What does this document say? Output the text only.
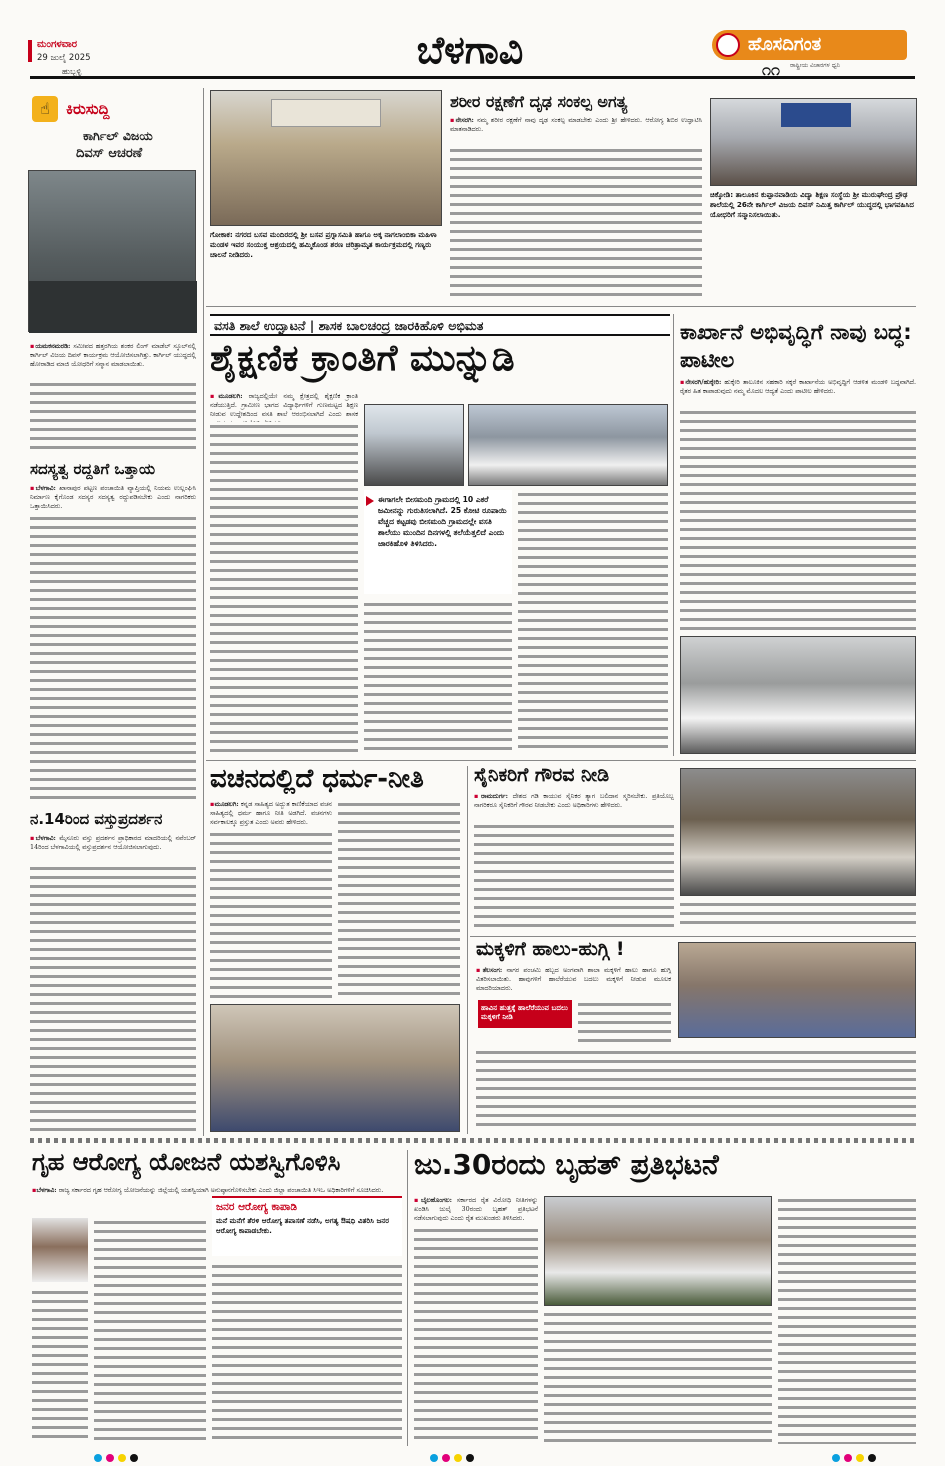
ಮಂಗಳವಾರ
29 ಜುಲೈ 2025
ಹುಬ್ಬಳ್ಳಿ	ಬೆಳಗಾವಿ	ಹೊಸದಿಗಂತ
ರಾಷ್ಟ್ರೀಯ ವಿಚಾರಗಳ ಧ್ವನಿ
೧೧
☝	ಕಿರುಸುದ್ದಿ
ಕಾರ್ಗಿಲ್ ವಿಜಯ
ದಿವಸ್ ಆಚರಣೆ
▪ಯಮಕನಮರಡಿ: ಸಮೀಪದ ಹತ್ತರಗಿಯ ಶಂಕರ ಲಿಂಗ್ ಮಾಡೆಲ್ ಸ್ಕೂಲ್‌ನಲ್ಲಿ ಕಾರ್ಗಿಲ್ ವಿಜಯ ದಿವಸ್ ಕಾರ್ಯಕ್ರಮ ಆಯೋಜಿಸಲಾಗಿತ್ತು. ಕಾರ್ಗಿಲ್ ಯುದ್ಧದಲ್ಲಿ ಹೋರಾಡಿದ ಮಾಜಿ ಯೋಧರಿಗೆ ಸನ್ಮಾನ ಮಾಡಲಾಯಿತು.
ಸದಸ್ಯತ್ವ ರದ್ದತಿಗೆ ಒತ್ತಾಯ
▪ಬೆಳಗಾವಿ: ಖಾನಾಪುರ ಪಟ್ಟಣ ಪಂಚಾಯಿತಿ ವ್ಯಾಪ್ತಿಯಲ್ಲಿ ನಿಯಮ ಉಲ್ಲಂಘಿಸಿ ನಿರ್ಮಾಣ ಕೈಗೊಂಡ ಸದಸ್ಯರ ಸದಸ್ಯತ್ವ ರದ್ದುಪಡಿಸಬೇಕು ಎಂದು ನಾಗರಿಕರು ಒತ್ತಾಯಿಸಿದರು.
ನ.14ರಿಂದ ವಸ್ತುಪ್ರದರ್ಶನ
▪ಬೆಳಗಾವಿ: ಮೈಸೂರು ವಸ್ತು ಪ್ರದರ್ಶನ ಪ್ರಾಧಿಕಾರದ ಮಾದರಿಯಲ್ಲಿ ನವೆಂಬರ್ 14ರಿಂದ ಬೆಳಗಾವಿಯಲ್ಲಿ ವಸ್ತುಪ್ರದರ್ಶನ ಆಯೋಜಿಸಲಾಗುವುದು.
ಗೋಕಾಕ: ನಗರದ ಬಸವ ಮಂದಿರದಲ್ಲಿ ಶ್ರೀ ಬಸವ ಪ್ರಗ್ನಾಸಮಿತಿ ಹಾಗೂ ಅಕ್ಕ ನಾಗಲಾಂಬಿಕಾ ಮಹಿಳಾ ಮಂಡಳ ಇವರ ಸಂಯುಕ್ತ ಆಶ್ರಯದಲ್ಲಿ ಹಮ್ಮಿಕೊಂಡ ಶರಣ ಚರಿತ್ರಾಮೃತ ಕಾರ್ಯಕ್ರಮದಲ್ಲಿ ಗಣ್ಯರು ಚಾಲನೆ ನೀಡಿದರು.
ಶರೀರ ರಕ್ಷಣೆಗೆ ದೃಢ ಸಂಕಲ್ಪ ಅಗತ್ಯ
▪ನೇಸರಗಿ: ನಮ್ಮ ಶರೀರ ರಕ್ಷಣೆಗೆ ನಾವು ದೃಢ ಸಂಕಲ್ಪ ಮಾಡಬೇಕು ಎಂದು ಶ್ರೀ ಹೇಳಿದರು. ಆರೋಗ್ಯ ಶಿಬಿರ ಉದ್ಘಾಟಿಸಿ ಮಾತನಾಡಿದರು.
ಚಿಕ್ಕೋಡಿ: ತಾಲೂಕಿನ ಕುಪ್ಪಾನವಾಡಿಯ ವಿದ್ಯಾ ಶಿಕ್ಷಣ ಸಂಸ್ಥೆಯ ಶ್ರೀ ಮುರುಘೇಂದ್ರ ಪ್ರೌಢ ಶಾಲೆಯಲ್ಲಿ 26ನೇ ಕಾರ್ಗಿಲ್ ವಿಜಯ ದಿವಸ್ ನಿಮಿತ್ತ ಕಾರ್ಗಿಲ್ ಯುದ್ಧದಲ್ಲಿ ಭಾಗವಹಿಸಿದ ಯೋಧರಿಗೆ ಸನ್ಮಾನಿಸಲಾಯಿತು.
ವಸತಿ ಶಾಲೆ ಉದ್ಘಾಟನೆ | ಶಾಸಕ ಬಾಲಚಂದ್ರ ಜಾರಕಿಹೊಳಿ ಅಭಿಮತ
ಶೈಕ್ಷಣಿಕ ಕ್ರಾಂತಿಗೆ ಮುನ್ನುಡಿ
▪ಮೂಡಲಗಿ: ರಾಜ್ಯದಲ್ಲಿಯೇ ನಮ್ಮ ಕ್ಷೇತ್ರದಲ್ಲಿ ಶೈಕ್ಷಣಿಕ ಕ್ರಾಂತಿ ನಡೆಯುತ್ತಿದೆ. ಗ್ರಾಮೀಣ ಭಾಗದ ವಿದ್ಯಾರ್ಥಿಗಳಿಗೆ ಗುಣಮಟ್ಟದ ಶಿಕ್ಷಣ ನೀಡುವ ಉದ್ದೇಶದಿಂದ ವಸತಿ ಶಾಲೆ ಆರಂಭಿಸಲಾಗಿದೆ ಎಂದು ಶಾಸಕ
ಈಗಾಗಲೇ ಬೀಸಮಂದಿ ಗ್ರಾಮದಲ್ಲಿ 10 ಎಕರೆ ಜಮೀನನ್ನು ಗುರುತಿಸಲಾಗಿದೆ. 25 ಕೋಟಿ ರೂಪಾಯಿ ವೆಚ್ಚದ ಕಟ್ಟಡವು ಬೀಸಮಂದಿ ಗ್ರಾಮದಲ್ಲೇ ವಸತಿ ಶಾಲೆಯು ಮುಂದಿನ ದಿನಗಳಲ್ಲಿ ತಲೆಯೆತ್ತಲಿದೆ ಎಂದು ಜಾರಕಿಹೊಳಿ ತಿಳಿಸಿದರು.
ಕಾರ್ಖಾನೆ ಅಭಿವೃದ್ಧಿಗೆ ನಾವು ಬದ್ಧ: ಪಾಟೀಲ
▪ನೇಸರಗಿ/ಹುಕ್ಕೇರಿ: ಹುಕ್ಕೇರಿ ತಾಲೂಕಿನ ಸಹಕಾರಿ ಸಕ್ಕರೆ ಕಾರ್ಖಾನೆಯ ಅಭಿವೃದ್ಧಿಗೆ ಆಡಳಿತ ಮಂಡಳಿ ಬದ್ಧವಾಗಿದೆ. ರೈತರ ಹಿತ ಕಾಪಾಡುವುದು ನಮ್ಮ ಮೊದಲ ಆದ್ಯತೆ ಎಂದು ಪಾಟೀಲ ಹೇಳಿದರು.
ವಚನದಲ್ಲಿದೆ ಧರ್ಮ-ನೀತಿ
▪ಮೂಡಲಗಿ: ಕನ್ನಡ ಸಾಹಿತ್ಯದ ಅದ್ಭುತ ಕಾಣಿಕೆಯಾದ ವಚನ ಸಾಹಿತ್ಯದಲ್ಲಿ ಧರ್ಮ ಹಾಗೂ ನೀತಿ ಅಡಗಿದೆ. ವಚನಗಳು ಸರ್ವಕಾಲಕ್ಕೂ ಪ್ರಸ್ತುತ ಎಂದು ಅವರು ಹೇಳಿದರು.
ಸೈನಿಕರಿಗೆ ಗೌರವ ನೀಡಿ
▪ರಾಮದುರ್ಗ: ದೇಶದ ಗಡಿ ಕಾಯುವ ಸೈನಿಕರ ತ್ಯಾಗ ಬಲಿದಾನ ಸ್ಮರಿಸಬೇಕು. ಪ್ರತಿಯೊಬ್ಬ ನಾಗರಿಕರೂ ಸೈನಿಕರಿಗೆ ಗೌರವ ನೀಡಬೇಕು ಎಂದು ಅಧಿಕಾರಿಗಳು ಹೇಳಿದರು.
ಮಕ್ಕಳಿಗೆ ಹಾಲು-ಹುಗ್ಗಿ !
▪ತೆಲಸಂಗ: ನಾಗರ ಪಂಚಮಿ ಹಬ್ಬದ ಅಂಗವಾಗಿ ಶಾಲಾ ಮಕ್ಕಳಿಗೆ ಹಾಲು ಹಾಗೂ ಹುಗ್ಗಿ ವಿತರಿಸಲಾಯಿತು. ಹಾವುಗಳಿಗೆ ಹಾಲೆರೆಯುವ ಬದಲು ಮಕ್ಕಳಿಗೆ ನೀಡುವ ಮೂಲಕ ಮಾದರಿಯಾದರು.
ಹಾವಿನ ಹುತ್ತಕ್ಕೆ ಹಾಲೆರೆಯುವ ಬದಲು ಮಕ್ಕಳಿಗೆ ನೀಡಿ
ಗೃಹ ಆರೋಗ್ಯ ಯೋಜನೆ ಯಶಸ್ವಿಗೊಳಿಸಿ
▪ಬೆಳಗಾವಿ: ರಾಜ್ಯ ಸರ್ಕಾರದ ಗೃಹ ಆರೋಗ್ಯ ಯೋಜನೆಯನ್ನು ಜಿಲ್ಲೆಯಲ್ಲಿ ಯಶಸ್ವಿಯಾಗಿ ಅನುಷ್ಠಾನಗೊಳಿಸಬೇಕು ಎಂದು ಜಿಲ್ಲಾ ಪಂಚಾಯಿತಿ ಸಿಇಒ ಅಧಿಕಾರಿಗಳಿಗೆ ಸೂಚಿಸಿದರು.
ಜನರ ಆರೋಗ್ಯ ಕಾಪಾಡಿ
ಮನೆ ಮನೆಗೆ ತೆರಳಿ ಆರೋಗ್ಯ ತಪಾಸಣೆ ನಡೆಸಿ, ಅಗತ್ಯ ಔಷಧಿ ವಿತರಿಸಿ ಜನರ ಆರೋಗ್ಯ ಕಾಪಾಡಬೇಕು.
ಜು.30ರಂದು ಬೃಹತ್ ಪ್ರತಿಭಟನೆ
▪ಬೈಲಹೊಂಗಲ: ಸರ್ಕಾರದ ರೈತ ವಿರೋಧಿ ನೀತಿಗಳನ್ನು ಖಂಡಿಸಿ ಜುಲೈ 30ರಂದು ಬೃಹತ್ ಪ್ರತಿಭಟನೆ ನಡೆಸಲಾಗುವುದು ಎಂದು ರೈತ ಮುಖಂಡರು ತಿಳಿಸಿದರು.
